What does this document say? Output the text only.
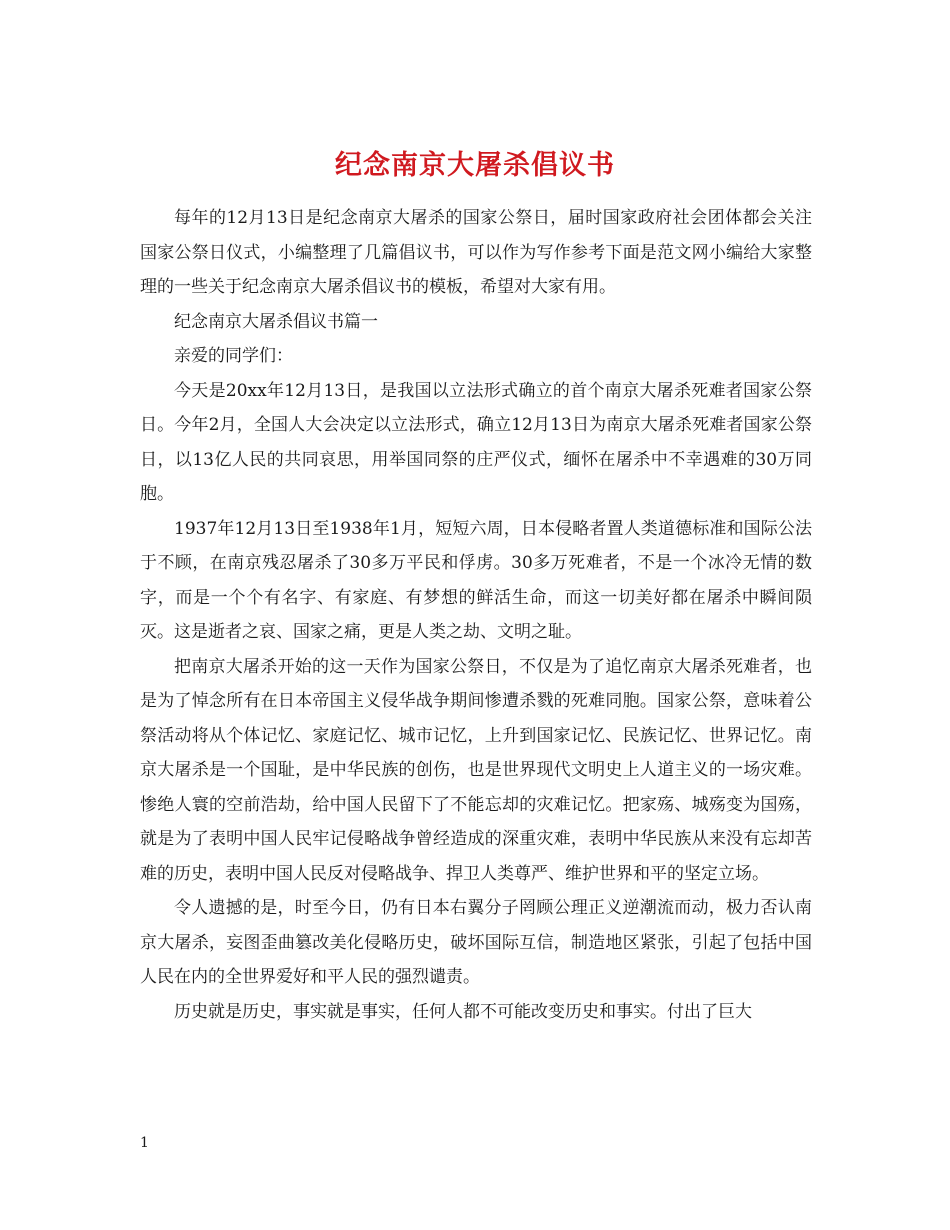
纪念南京大屠杀倡议书

每年的12月13日是纪念南京大屠杀的国家公祭日，届时国家政府社会团体都会关注国家公祭日仪式，小编整理了几篇倡议书，可以作为写作参考下面是范文网小编给大家整理的一些关于纪念南京大屠杀倡议书的模板，希望对大家有用。

纪念南京大屠杀倡议书篇一

亲爱的同学们：

今天是20xx年12月13日，是我国以立法形式确立的首个南京大屠杀死难者国家公祭日。今年2月，全国人大会决定以立法形式，确立12月13日为南京大屠杀死难者国家公祭日，以13亿人民的共同哀思，用举国同祭的庄严仪式，缅怀在屠杀中不幸遇难的30万同胞。

1937年12月13日至1938年1月，短短六周，日本侵略者置人类道德标准和国际公法于不顾，在南京残忍屠杀了30多万平民和俘虏。30多万死难者，不是一个冰冷无情的数字，而是一个个有名字、有家庭、有梦想的鲜活生命，而这一切美好都在屠杀中瞬间陨灭。这是逝者之哀、国家之痛，更是人类之劫、文明之耻。

把南京大屠杀开始的这一天作为国家公祭日，不仅是为了追忆南京大屠杀死难者，也是为了悼念所有在日本帝国主义侵华战争期间惨遭杀戮的死难同胞。国家公祭，意味着公祭活动将从个体记忆、家庭记忆、城市记忆，上升到国家记忆、民族记忆、世界记忆。南京大屠杀是一个国耻，是中华民族的创伤，也是世界现代文明史上人道主义的一场灾难。惨绝人寰的空前浩劫，给中国人民留下了不能忘却的灾难记忆。把家殇、城殇变为国殇，就是为了表明中国人民牢记侵略战争曾经造成的深重灾难，表明中华民族从来没有忘却苦难的历史，表明中国人民反对侵略战争、捍卫人类尊严、维护世界和平的坚定立场。

令人遗撼的是，时至今日，仍有日本右翼分子罔顾公理正义逆潮流而动，极力否认南京大屠杀，妄图歪曲篡改美化侵略历史，破坏国际互信，制造地区紧张，引起了包括中国人民在内的全世界爱好和平人民的强烈谴责。

历史就是历史，事实就是事实，任何人都不可能改变历史和事实。付出了巨大

1
